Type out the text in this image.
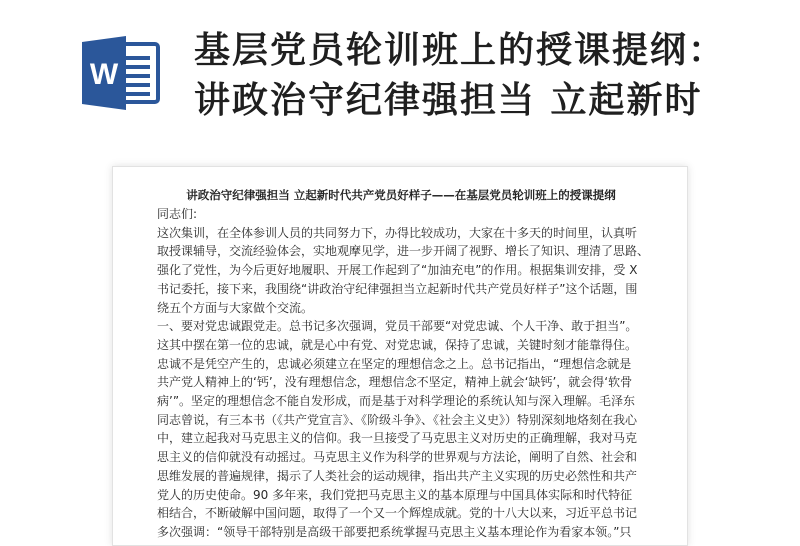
W
基层党员轮训班上的授课提纲：
讲政治守纪律强担当 立起新时
讲政治守纪律强担当 立起新时代共产党员好样子——在基层党员轮训班上的授课提纲

同志们:

这次集训，在全体参训人员的共同努力下，办得比较成功，大家在十多天的时间里，认真听

取授课辅导，交流经验体会，实地观摩见学，进一步开阔了视野、增长了知识、理清了思路、

强化了党性，为今后更好地履职、开展工作起到了“加油充电”的作用。根据集训安排，受 X

书记委托，接下来，我围绕“讲政治守纪律强担当立起新时代共产党员好样子”这个话题，围

绕五个方面与大家做个交流。

一、要对党忠诚跟党走。总书记多次强调，党员干部要“对党忠诚、个人干净、敢于担当”。

这其中摆在第一位的忠诚，就是心中有党、对党忠诚，保持了忠诚，关键时刻才能靠得住。

忠诚不是凭空产生的，忠诚必须建立在坚定的理想信念之上。总书记指出，“理想信念就是

共产党人精神上的‘钙’，没有理想信念，理想信念不坚定，精神上就会‘缺钙’，就会得‘软骨

病’”。坚定的理想信念不能自发形成，而是基于对科学理论的系统认知与深入理解。毛泽东

同志曾说，有三本书（《共产党宣言》、《阶级斗争》、《社会主义史》）特别深刻地烙刻在我心

中，建立起我对马克思主义的信仰。我一旦接受了马克思主义对历史的正确理解，我对马克

思主义的信仰就没有动摇过。马克思主义作为科学的世界观与方法论，阐明了自然、社会和

思维发展的普遍规律，揭示了人类社会的运动规律，指出共产主义实现的历史必然性和共产

党人的历史使命。90 多年来，我们党把马克思主义的基本原理与中国具体实际和时代特征

相结合，不断破解中国问题，取得了一个又一个辉煌成就。党的十八大以来，习近平总书记

多次强调：“领导干部特别是高级干部要把系统掌握马克思主义基本理论作为看家本领。”只
